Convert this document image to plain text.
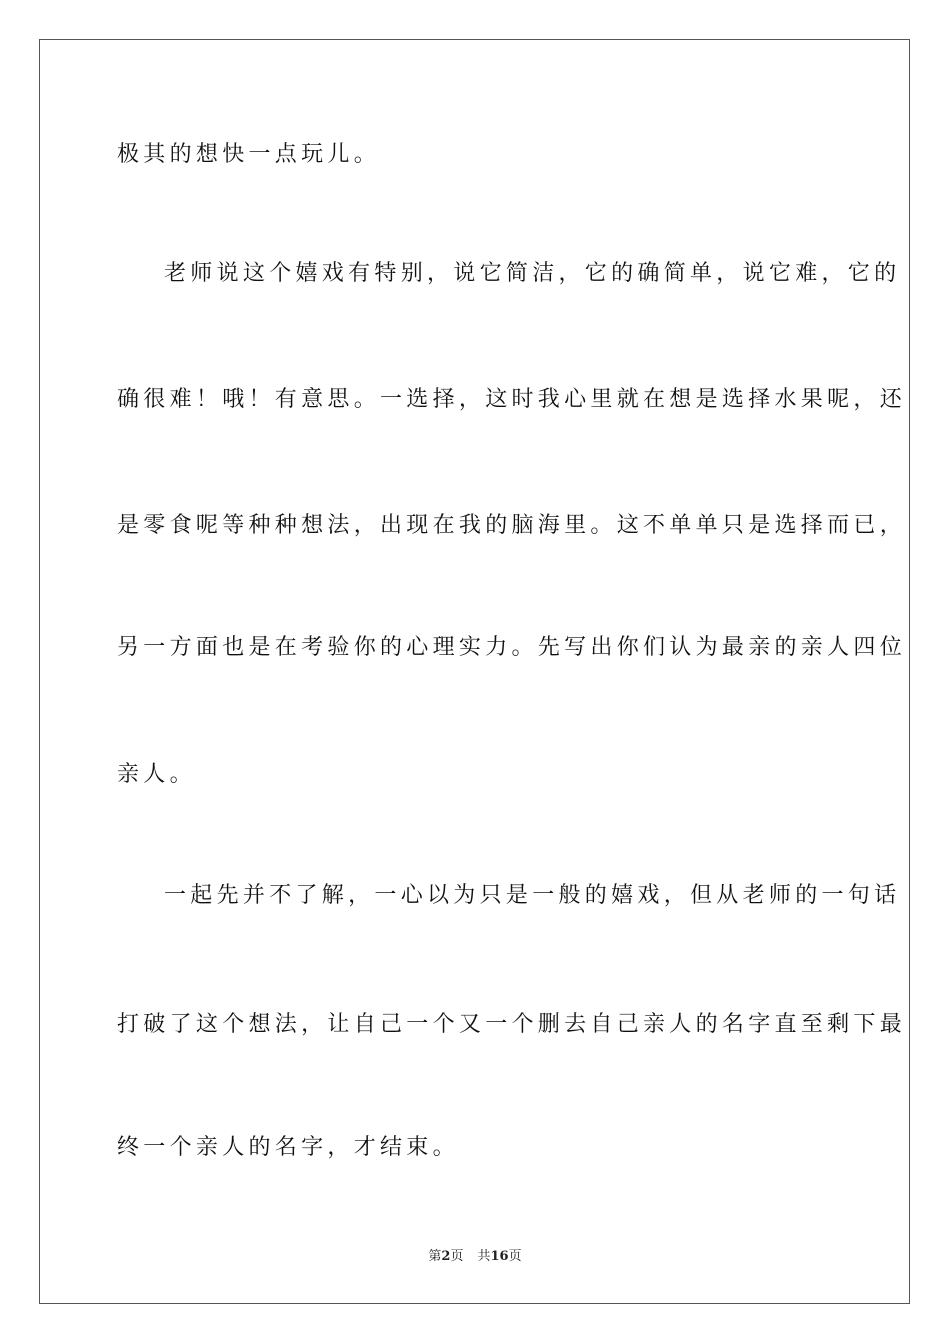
极其的想快一点玩儿。
老师说这个嬉戏有特别，说它简洁，它的确简单，说它难，它的
确很难！哦！有意思。一选择，这时我心里就在想是选择水果呢，还
是零食呢等种种想法，出现在我的脑海里。这不单单只是选择而已，
另一方面也是在考验你的心理实力。先写出你们认为最亲的亲人四位
亲人。
一起先并不了解，一心以为只是一般的嬉戏，但从老师的一句话
打破了这个想法，让自己一个又一个删去自己亲人的名字直至剩下最
终一个亲人的名字，才结束。
第2页 共16页
